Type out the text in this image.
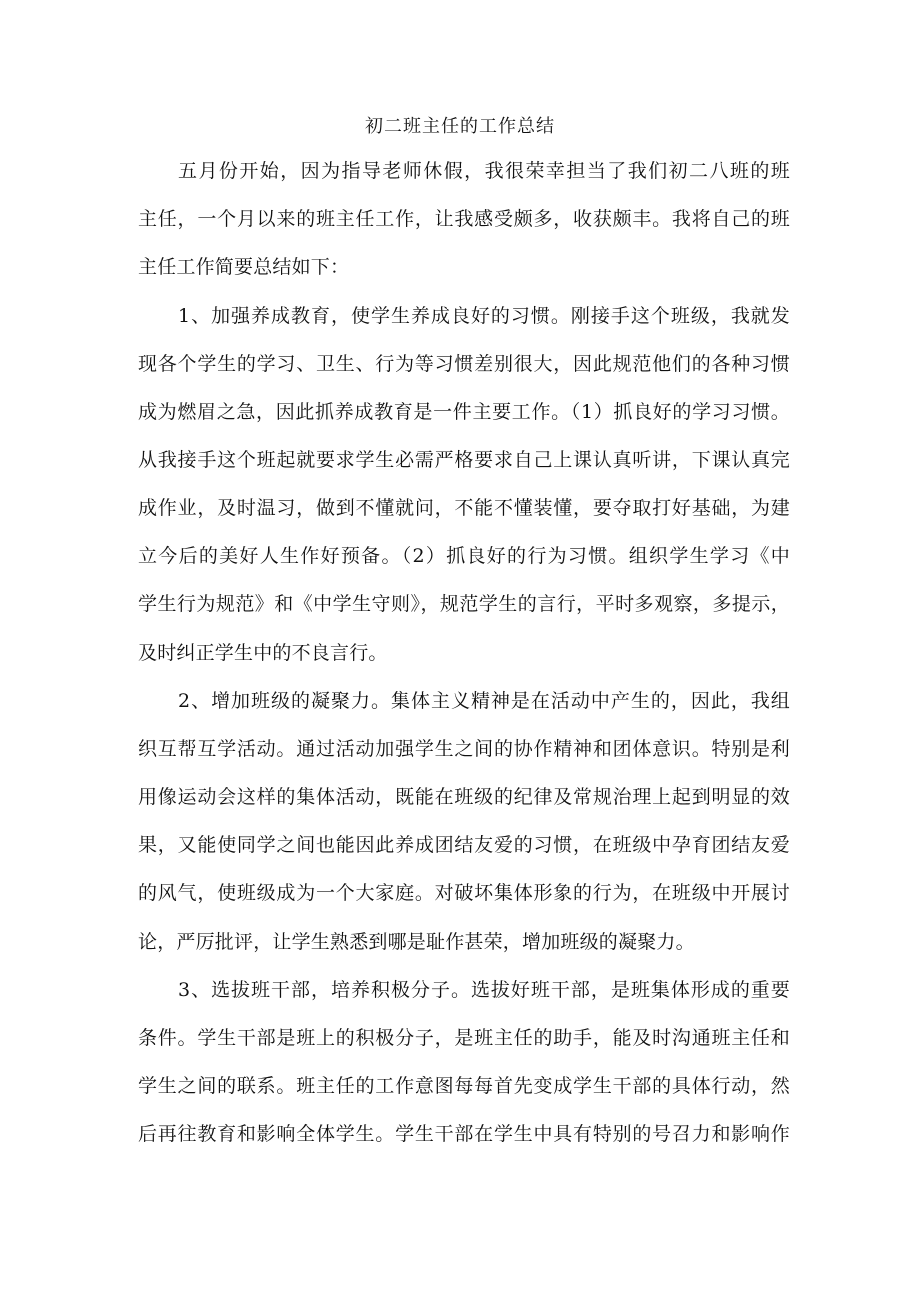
初二班主任的工作总结
五月份开始，因为指导老师休假，我很荣幸担当了我们初二八班的班
主任，一个月以来的班主任工作，让我感受颇多，收获颇丰。我将自己的班
主任工作简要总结如下：
1、加强养成教育，使学生养成良好的习惯。刚接手这个班级，我就发
现各个学生的学习、卫生、行为等习惯差别很大，因此规范他们的各种习惯
成为燃眉之急，因此抓养成教育是一件主要工作。（1）抓良好的学习习惯。
从我接手这个班起就要求学生必需严格要求自己上课认真听讲，下课认真完
成作业，及时温习，做到不懂就问，不能不懂装懂，要夺取打好基础，为建
立今后的美好人生作好预备。（2）抓良好的行为习惯。组织学生学习《中
学生行为规范》和《中学生守则》，规范学生的言行，平时多观察，多提示，
及时纠正学生中的不良言行。
2、增加班级的凝聚力。集体主义精神是在活动中产生的，因此，我组
织互帮互学活动。通过活动加强学生之间的协作精神和团体意识。特别是利
用像运动会这样的集体活动，既能在班级的纪律及常规治理上起到明显的效
果，又能使同学之间也能因此养成团结友爱的习惯，在班级中孕育团结友爱
的风气，使班级成为一个大家庭。对破坏集体形象的行为，在班级中开展讨
论，严厉批评，让学生熟悉到哪是耻作甚荣，增加班级的凝聚力。
3、选拔班干部，培养积极分子。选拔好班干部，是班集体形成的重要
条件。学生干部是班上的积极分子，是班主任的助手，能及时沟通班主任和
学生之间的联系。班主任的工作意图每每首先变成学生干部的具体行动，然
后再往教育和影响全体学生。学生干部在学生中具有特别的号召力和影响作
